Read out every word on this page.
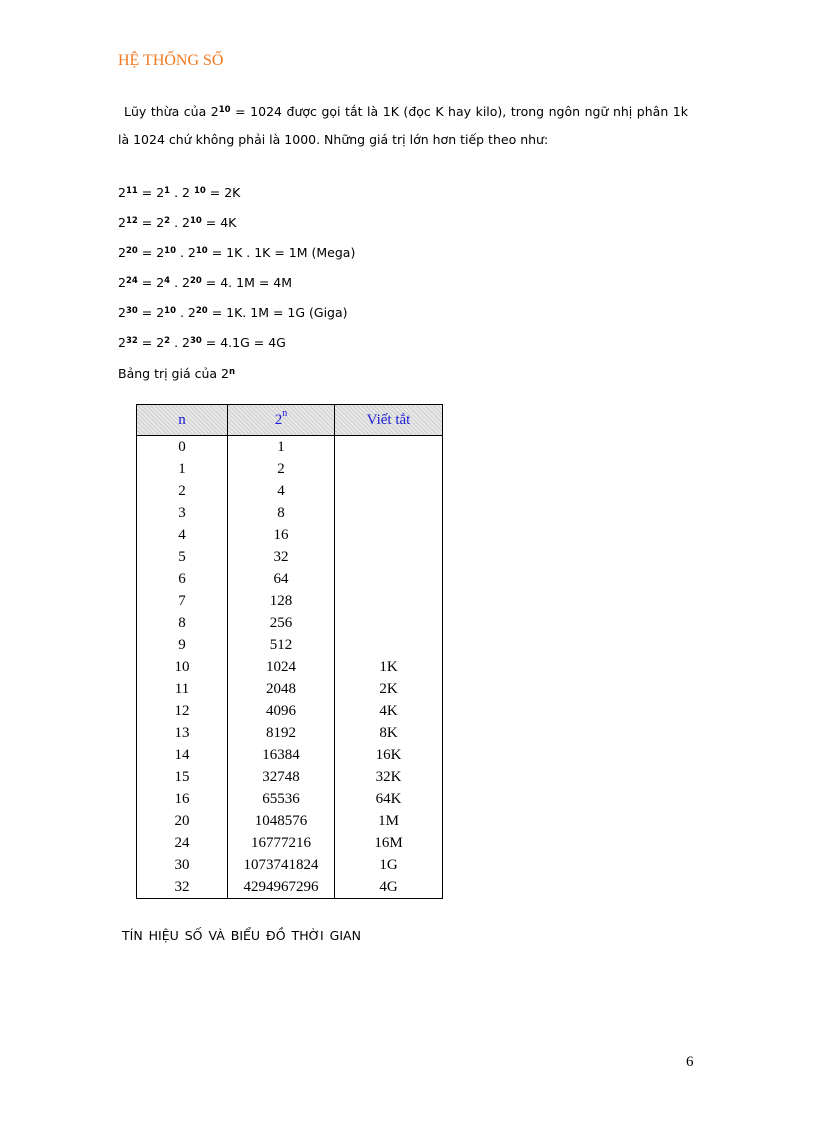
HỆ THỐNG SỐ
Lũy thừa của $2^{10} = 1024$ được gọi tắt là 1K (đọc K hay kilo), trong ngôn ngữ nhị phân 1k là 1024 chứ không phải là 1000. Những giá trị lớn hơn tiếp theo như:
$2^{11} = 2^1$ . 2 $^{10}$ = 2K
$2^{12} = 2^2$ . $2^{10} = 4K$
$2^{20} = 2^{10}$ . $2^{10} = 1K$ . 1K = 1M (Mega)
$2^{24} = 2^4$ . $2^{20} = 4$. 1M = 4M
$2^{30} = 2^{10}$ . $2^{20} = 1K$. 1M = 1G (Giga)
$2^{32} = 2^2$ . $2^{30} = 4.1G = 4G$
Bảng trị giá của 2$^n$
n	2$^n$	Viết tắt
0	1	
1	2	
2	4	
3	8	
4	16	
5	32	
6	64	
7	128	
8	256	
9	512	
10	1024	1K
11	2048	2K
12	4096	4K
13	8192	8K
14	16384	16K
15	32748	32K
16	65536	64K
20	1048576	1M
24	16777216	16M
30	1073741824	1G
32	4294967296	4G
TÍN HIỆU SỐ VÀ BIỂU ĐỒ THỜI GIAN
6
